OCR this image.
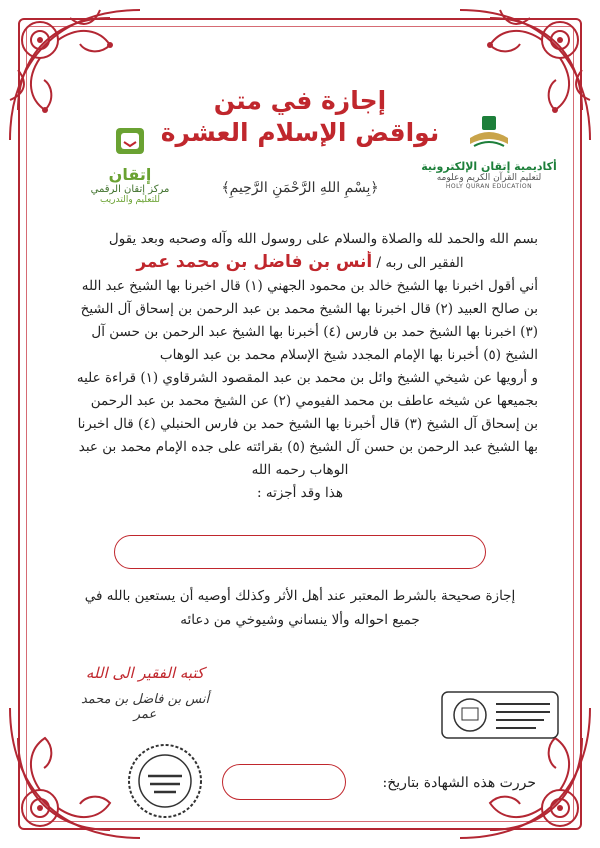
إجازة في متن
نواقض الإسلام العشرة
إتقان
مركز إتقان الرقمي
للتعليم والتدريب
أكاديمية إتقان الإلكترونية
لتعليم القرآن الكريم وعلومه
HOLY QURAN EDUCATION
﴿بِسْمِ اللهِ الرَّحْمَنِ الرَّحِيمِ﴾
بسم الله والحمد لله والصلاة والسلام على روسول الله وآله وصحبه وبعد يقول
الفقير الى ربه / أنس بن فاضل بن محمد عمر
أني أقول اخبرنا بها الشيخ خالد بن محمود الجهني (١) قال اخبرنا بها الشيخ عبد الله
بن صالح العبيد (٢) قال اخبرنا بها الشيخ محمد بن عبد الرحمن بن إسحاق آل الشيخ
(٣) اخبرنا بها الشيخ حمد بن فارس (٤) أخبرنا بها الشيخ عبد الرحمن بن حسن آل
الشيخ (٥) أخبرنا بها الإمام المجدد شيخ الإسلام محمد بن عبد الوهاب
و أرويها عن شيخي الشيخ وائل بن محمد بن عبد المقصود الشرقاوي (١) قراءة عليه
بجميعها عن شيخه عاطف بن محمد الفيومي (٢) عن الشيخ محمد بن عبد الرحمن
بن إسحاق آل الشيخ (٣) قال أخبرنا بها الشيخ حمد بن فارس الحنبلي (٤) قال اخبرنا
بها الشيخ عبد الرحمن بن حسن آل الشيخ (٥) بقرائته على جده الإمام محمد بن عبد
الوهاب رحمه الله
هذا وقد أجزته :
إجازة صحيحة بالشرط المعتبر عند أهل الأثر وكذلك أوصيه أن يستعين بالله في
جميع احواله وألا ينساني وشيوخي من دعائه
كتبه الفقير الى الله
أنس بن فاضل بن محمد عمر
حررت هذه الشهادة بتاريخ:
